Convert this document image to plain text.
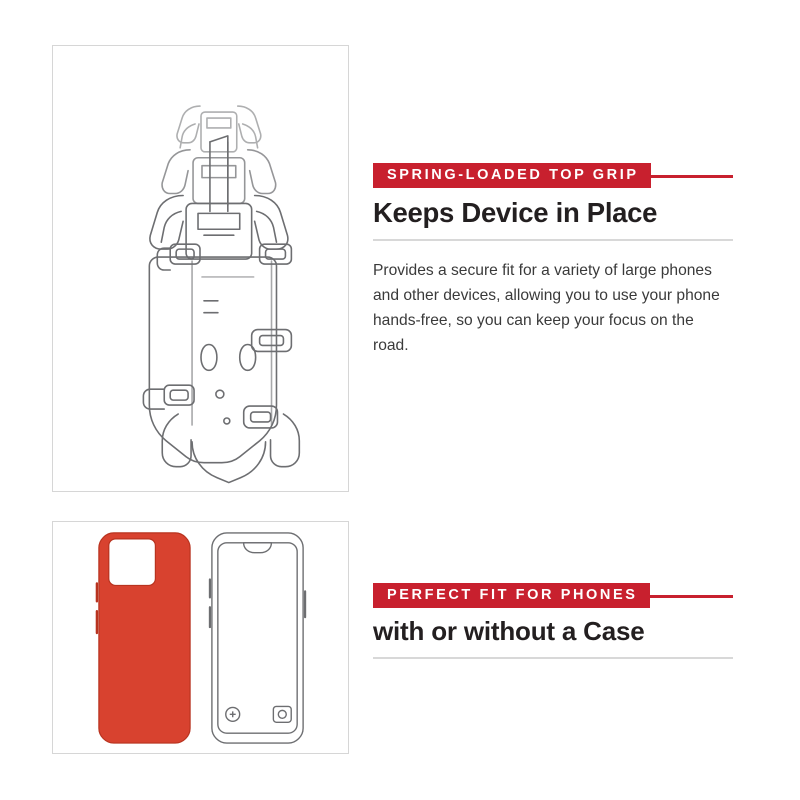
SPRING-LOADED TOP GRIP
Keeps Device in Place

Provides a secure fit for a variety of large phones and other devices, allowing you to use your phone hands-free, so you can keep your focus on the road.

PERFECT FIT FOR PHONES
with or without a Case
